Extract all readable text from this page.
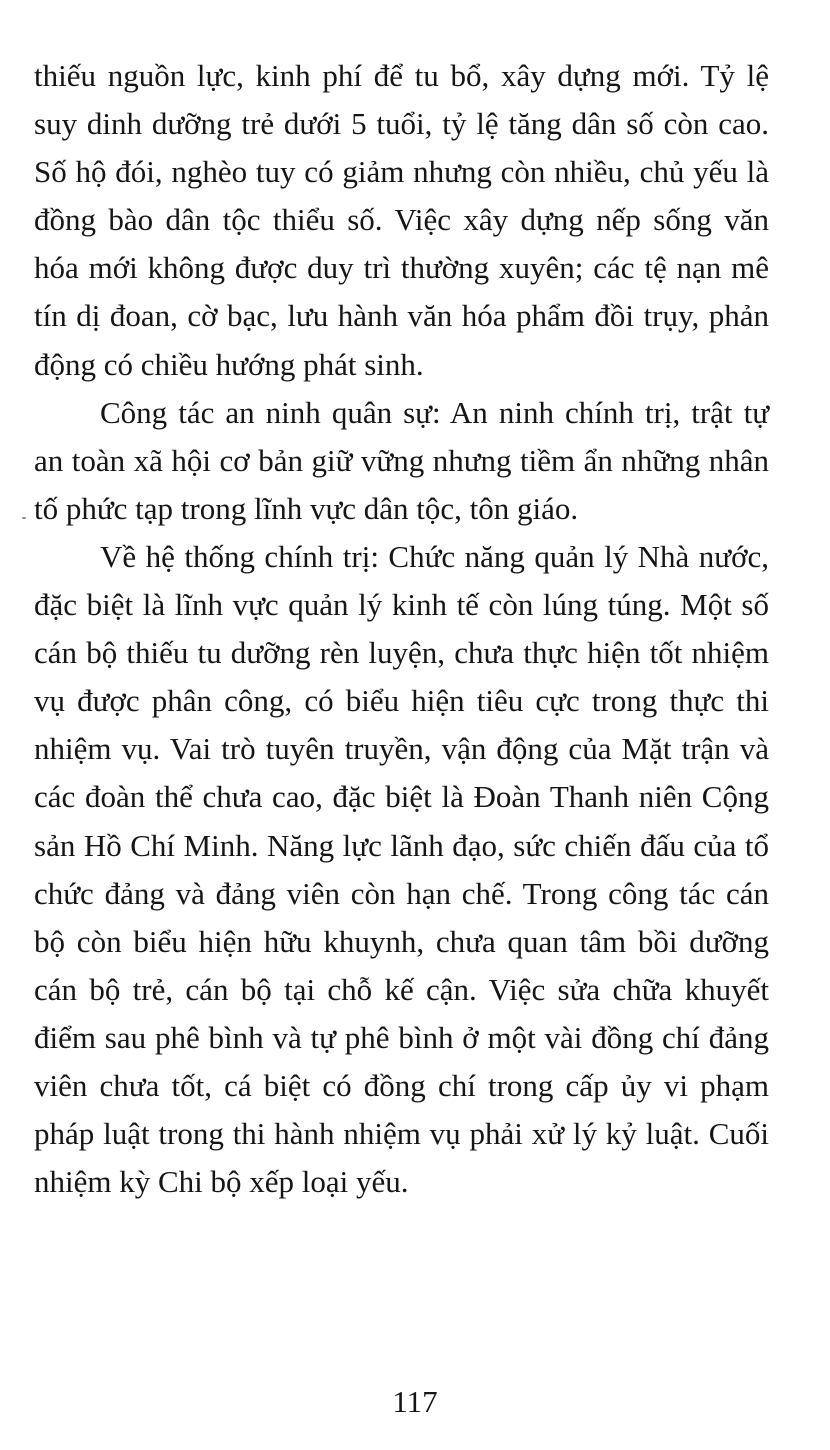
thiếu nguồn lực, kinh phí để tu bổ, xây dựng mới. Tỷ lệ suy dinh dưỡng trẻ dưới 5 tuổi, tỷ lệ tăng dân số còn cao. Số hộ đói, nghèo tuy có giảm nhưng còn nhiều, chủ yếu là đồng bào dân tộc thiểu số. Việc xây dựng nếp sống văn hóa mới không được duy trì thường xuyên; các tệ nạn mê tín dị đoan, cờ bạc, lưu hành văn hóa phẩm đồi trụy, phản động có chiều hướng phát sinh.

Công tác an ninh quân sự: An ninh chính trị, trật tự an toàn xã hội cơ bản giữ vững nhưng tiềm ẩn những nhân tố phức tạp trong lĩnh vực dân tộc, tôn giáo.

Về hệ thống chính trị: Chức năng quản lý Nhà nước, đặc biệt là lĩnh vực quản lý kinh tế còn lúng túng. Một số cán bộ thiếu tu dưỡng rèn luyện, chưa thực hiện tốt nhiệm vụ được phân công, có biểu hiện tiêu cực trong thực thi nhiệm vụ. Vai trò tuyên truyền, vận động của Mặt trận và các đoàn thể chưa cao, đặc biệt là Đoàn Thanh niên Cộng sản Hồ Chí Minh. Năng lực lãnh đạo, sức chiến đấu của tổ chức đảng và đảng viên còn hạn chế. Trong công tác cán bộ còn biểu hiện hữu khuynh, chưa quan tâm bồi dưỡng cán bộ trẻ, cán bộ tại chỗ kế cận. Việc sửa chữa khuyết điểm sau phê bình và tự phê bình ở một vài đồng chí đảng viên chưa tốt, cá biệt có đồng chí trong cấp ủy vi phạm pháp luật trong thi hành nhiệm vụ phải xử lý kỷ luật. Cuối nhiệm kỳ Chi bộ xếp loại yếu.

117
